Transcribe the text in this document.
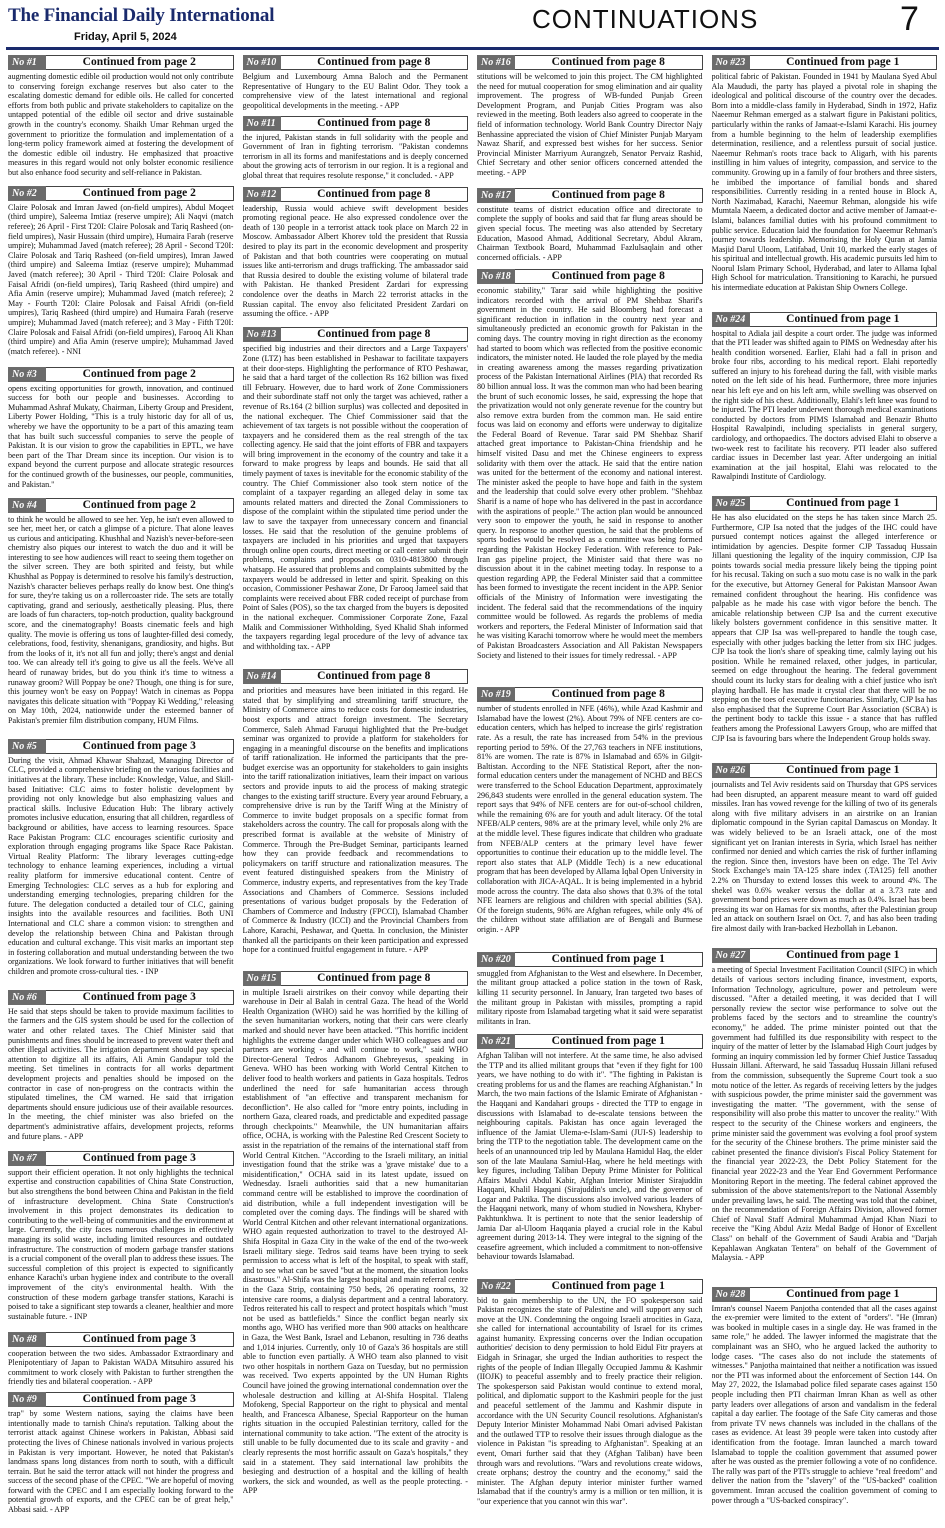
The Financial Daily International
Friday, April 5, 2024
CONTINUATIONS	7
No #1	Continued from page 2

augmenting domestic edible oil production would not only contribute to conserving foreign exchange reserves but also cater to the escalating domestic demand for edible oils. He called for concerted efforts from both public and private stakeholders to capitalize on the untapped potential of the edible oil sector and drive sustainable growth in the country's economy. Shaikh Umar Rehman urged the government to prioritize the formulation and implementation of a long-term policy framework aimed at fostering the development of the domestic edible oil industry. He emphasized that proactive measures in this regard would not only bolster economic resilience but also enhance food security and self-reliance in Pakistan.

No #2	Continued from page 2

Claire Polosak and Imran Jawed (on-field umpires), Abdul Moqeet (third umpire), Saleema Imtiaz (reserve umpire); Ali Naqvi (match referee); 26 April - First T20I: Claire Polosak and Tariq Rasheed (on-field umpires), Nasir Hussain (third umpire), Humaira Farah (reserve umpire); Muhammad Javed (match referee); 28 April - Second T20I: Claire Polosak and Tariq Rasheed (on-field umpires), Imran Jawed (third umpire) and Saleema Imtiaz (reserve umpire); Muhammad Javed (match referee); 30 April - Third T20I: Claire Polosak and Faisal Afridi (on-field umpires), Tariq Rasheed (third umpire) and Afia Amin (reserve umpire); Muhammad Javed (match referee); 2 May - Fourth T20I: Claire Polosak and Faisal Afridi (on-field umpires), Tariq Rasheed (third umpire) and Humaira Farah (reserve umpire); Muhammad Javed (match referee); and 3 May - Fifth T20I: Claire Polosak and Faisal Afridi (on-field umpires), Farooq Ali Khan (third umpire) and Afia Amin (reserve umpire); Muhammad Javed (match referee). - NNI

No #3	Continued from page 2

opens exciting opportunities for growth, innovation, and continued success for both our people and businesses. According to Muhammad Ashraf Mukaty, Chairman, Liberty Group and President, Liberty Power Holding, "This is a truly historic day for all of us, whereby we have the opportunity to be a part of this amazing team that has built such successful companies to serve the people of Pakistan. It is our vision to grow the capabilities in EPTL, we have been part of the Thar Dream since its inception. Our vision is to expand beyond the current purpose and allocate strategic resources for the continued growth of the businesses, our people, communities, and Pakistan."

No #4	Continued from page 2

to think he would be allowed to see her. Yep, he isn't even allowed to see her, meet her, or catch a glimpse of a picture. That alone leaves us curious and anticipating. Khushhal and Nazish's never-before-seen chemistry also piques our interest to watch the duo and it will be interesting to see how audiences will react to seeing them together on the silver screen. They are both spirited and feisty, but while Khushhal as Poppay is determined to resolve his family's destruction, Nazish's character believes perhaps really do know best. One thing's for sure, they're taking us on a rollercoaster ride. The sets are totally captivating, grand and seriously, aesthetically pleasing. Plus, there are loads of fun characters, top-notch production, quality background score, and the cinematography! Boasts cinematic feels and high quality. The movie is offering us tons of laughter-filled desi comedy, celebrations, food, festivity, shenanigans, grandiosity, and highs. But from the looks of it, it's not all fun and jolly; there's angst and denial too. We can already tell it's going to give us all the feels. We've all heard of runaway brides, but do you think it's time to witness a runaway groom? Will Poppay be one? Though, one thing is for sure, this journey won't be easy on Poppay! Watch in cinemas as Poppa navigates this delicate situation with "Poppay Ki Wedding," releasing on May 10th, 2024, nationwide under the esteemed banner of Pakistan's premier film distribution company, HUM Films.

No #5	Continued from page 3

During the visit, Ahmad Khawar Shahzad, Managing Director of CLC, provided a comprehensive briefing on the various facilities and initiatives at the library. These include: Knowledge, Value, and Skill-based Initiative: CLC aims to foster holistic development by providing not only knowledge but also emphasizing values and practical skills. Inclusive Education Hub: The library actively promotes inclusive education, ensuring that all children, regardless of background or abilities, have access to learning resources. Space Race Pakistan Program: CLC encourages scientific curiosity and exploration through engaging programs like Space Race Pakistan. Virtual Reality Platform: The library leverages cutting-edge technology to enhance learning experiences, including a virtual reality platform for immersive educational content. Centre of Emerging Technologies: CLC serves as a hub for exploring and understanding emerging technologies, preparing children for the future. The delegation conducted a detailed tour of CLC, gaining insights into the available resources and facilities. Both UNI International and CLC share a common vision: to strengthen and develop the relationship between China and Pakistan through education and cultural exchange. This visit marks an important step in fostering collaboration and mutual understanding between the two organizations. We look forward to further initiatives that will benefit children and promote cross-cultural ties. - INP

No #6	Continued from page 3

He said that steps should be taken to provide maximum facilities to the farmers and the GIS system should be used for the collection of water and other related taxes. The Chief Minister said that punishments and fines should be increased to prevent water theft and other illegal activities. The irrigation department should pay special attention to digitize all its affairs, Ali Amin Gandapur told the meeting. Set timelines in contracts for all works department development projects and penalties should be imposed on the contractor in case of non-progress on the contracts within the stipulated timelines, the CM warned. He said that irrigation departments should ensure judicious use of their available resources. In the meeting, the chief minister was also briefed on the department's administrative affairs, development projects, reforms and future plans. - APP

No #7	Continued from page 3

support their efficient operation. It not only highlights the technical expertise and construction capabilities of China State Construction, but also strengthens the bond between China and Pakistan in the field of infrastructure development. China State Construction's involvement in this project demonstrates its dedication to contributing to the well-being of communities and the environment at large. Currently, the city faces numerous challenges in effectively managing its solid waste, including limited resources and outdated infrastructure. The construction of modern garbage transfer stations is a crucial component of the overall plan to address these issues. The successful completion of this project is expected to significantly enhance Karachi's urban hygiene index and contribute to the overall improvement of the city's environmental health. With the construction of these modern garbage transfer stations, Karachi is poised to take a significant step towards a cleaner, healthier and more sustainable future. - INP

No #8	Continued from page 3

cooperation between the two sides. Ambassador Extraordinary and Plenipotentiary of Japan to Pakistan WADA Mitsuhiro assured his commitment to work closely with Pakistan to further strengthen the friendly ties and bilateral cooperation. - APP

No #9	Continued from page 3

trap" by some Western nations, saying the claims have been intentionally made to tarnish China's reputation. Talking about the terrorist attack against Chinese workers in Pakistan, Abbasi said protecting the lives of Chinese nationals involved in various projects in Pakistan is very important. However, he noted that Pakistan's landmass spans long distances from north to south, with a difficult terrain. But he said the terror attack will not hinder the progress and success of the second phase of the CPEC. "We are hopeful of moving forward with the CPEC and I am especially looking forward to the potential growth of exports, and the CPEC can be of great help," Abbasi said. - APP

No #10	Continued from page 8

Belgium and Luxembourg Amna Baloch and the Permanent Representative of Hungary to the EU Balint Odor. They took a comprehensive view of the latest international and regional geopolitical developments in the meeting. - APP

No #11	Continued from page 8

the injured, Pakistan stands in full solidarity with the people and Government of Iran in fighting terrorism. "Pakistan condemns terrorism in all its forms and manifestations and is deeply concerned about the growing acts of terrorism in our region. It is a regional and global threat that requires resolute response," it concluded. - APP

No #12	Continued from page 8

leadership, Russia would achieve swift development besides promoting regional peace. He also expressed condolence over the death of 130 people in a terrorist attack took place on March 22 in Moscow. Ambassador Albert Khorev told the president that Russia desired to play its part in the economic development and prosperity of Pakistan and that both countries were cooperating on mutual issues like anti-terrorism and drugs trafficking. The ambassador said that Russia desired to double the existing volume of bilateral trade with Pakistan. He thanked President Zardari for expressing condolence over the deaths in March 22 terrorist attacks in the Russian capital. The envoy also felicitated President Zardari on assuming the office. - APP

No #13	Continued from page 8

specified big industries and their directors and a Large Taxpayers' Zone (LTZ) has been established in Peshawar to facilitate taxpayers at their door-steps. Highlighting the performance of RTO Peshawar, he said that a hard target of the collection Rs 162 billion was fixed till February. However, due to hard work of Zone Commissioners and their subordinate staff not only the target was achieved, rather a revenue of Rs.164 (2 billion surplus) was collected and deposited in the national exchequer. The Chief Commissioner said that the achievement of tax targets is not possible without the cooperation of taxpayers and he considered them as the real strength of the tax collecting agency. He said that the joint efforts of FBR and taxpayers will bring improvement in the economy of the country and take it a forward to make progress by leaps and bounds. He said that all timely payment of taxes is inevitable for the economic stability of the country. The Chief Commissioner also took stern notice of the complaint of a taxpayer regarding an alleged delay in some tax amounts related matters and directed the Zonal Commissioners to dispose of the complaint within the stipulated time period under the law to save the taxpayer from unnecessary concern and financial losses. He said that the resolution of the genuine problems of taxpayers are included in his priorities and urged that taxpayers through online open courts, direct meeting or call center submit their problems, complaints and proposals on 0310-4813800 through whatsapp. He assured that problems and complaints submitted by the taxpayers would be addressed in letter and spirit. Speaking on this occasion, Commissioner Peshawar Zone, Dr Farooq Jameel said that complaints were received about FBR coded receipt of purchase from Point of Sales (POS), so the tax charged from the buyers is deposited in the national exchequer. Commissioner Corporate Zone, Fazal Malik and Commissioner Withholding, Syed Khalid Shah informed the taxpayers regarding legal procedure of the levy of advance tax and withholding tax. - APP

No #14	Continued from page 8

and priorities and measures have been initiated in this regard. He stated that by simplifying and streamlining tariff structure, the Ministry of Commerce aims to reduce costs for domestic industries, boost exports and attract foreign investment. The Secretary Commerce, Saleh Ahmad Faruqui highlighted that the Pre-budget seminar was organized to provide a platform for stakeholders for engaging in a meaningful discourse on the benefits and implications of tariff rationalization. He informed the participants that the pre-budget exercise was an opportunity for stakeholders to gain insights into the tariff rationalization initiatives, learn their impact on various sectors and provide inputs to aid the process of making strategic changes to the existing tariff structure. Every year around February, a comprehensive drive is run by the Tariff Wing at the Ministry of Commerce to invite budget proposals on a specific format from stakeholders across the country. The call for proposals along with the prescribed format is available at the website of Ministry of Commerce. Through the Pre-Budget Seminar, participants learned how they can provide feedback and recommendations to policymakers on tariff structure and rationalization measures. The event featured distinguished speakers from the Ministry of Commerce, industry experts, and representatives from the key Trade Associations and Chambers of Commerce. Sessions included presentations of various budget proposals by the Federation of Chambers of Commerce and Industry (FPCCI), Islamabad Chamber of Commerce & Industry (ICCI) and the Provincial Chambers from Lahore, Karachi, Peshawar, and Quetta. In conclusion, the Minister thanked all the participants on their keen participation and expressed hope for a continued fruitful engagement in future. - APP

No #15	Continued from page 8

in multiple Israeli airstrikes on their convoy while departing their warehouse in Deir al Balah in central Gaza. The head of the World Health Organization (WHO) said he was horrified by the killing of the seven humanitarian workers, noting that their cars were clearly marked and should never have been attacked. "This horrific incident highlights the extreme danger under which WHO colleagues and our partners are working - and will continue to work," said WHO Director-General Tedros Adhanom Ghebreyesus, speaking in Geneva. WHO has been working with World Central Kitchen to deliver food to health workers and patients in Gaza hospitals. Tedros underlined the need for safe humanitarian access through establishment of "an effective and transparent mechanism for deconfliction". He also called for "more entry points, including in northern Gaza, cleared roads, and predictable and expedited passage through checkpoints." Meanwhile, the UN humanitarian affairs office, OCHA, is working with the Palestine Red Crescent Society to assist in the repatriation of the remains of the international staff from World Central Kitchen. "According to the Israeli military, an initial investigation found that the strike was a 'grave mistake' due to a misidentification," OCHA said in its latest update, issued on Wednesday. Israeli authorities said that a new humanitarian command centre will be established to improve the coordination of aid distribution, while a full independent investigation will be completed over the coming days. The findings will be shared with World Central Kitchen and other relevant international organizations. WHO again requested authorization to travel to the destroyed Al-Shifa Hospital in Gaza City in the wake of the end of the two-week Israeli military siege. Tedros said teams have been trying to seek permission to access what is left of the hospital, to speak with staff, and to see what can be saved "but at the moment, the situation looks disastrous." Al-Shifa was the largest hospital and main referral centre in the Gaza Strip, containing 750 beds, 26 operating rooms, 32 intensive care rooms, a dialysis department and a central laboratory. Tedros reiterated his call to respect and protect hospitals which "must not be used as battlefields." Since the conflict began nearly six months ago, WHO has verified more than 900 attacks on healthcare in Gaza, the West Bank, Israel and Lebanon, resulting in 736 deaths and 1,014 injuries. Currently, only 10 of Gaza's 36 hospitals are still able to function even partially. A WHO team also planned to visit two other hospitals in northern Gaza on Tuesday, but no permission was received. Two experts appointed by the UN Human Rights Council have joined the growing international condemnation over the wholesale destruction and killing at Al-Shifa Hospital. Tlaleng Mofokeng, Special Rapporteur on the right to physical and mental health, and Francesca Albanese, Special Rapporteur on the human rights situation in the occupied Palestinian territory, called for the international community to take action. "The extent of the atrocity is still unable to be fully documented due to its scale and gravity - and clearly represents the most horrific assault on Gaza's hospitals," they said in a statement. They said international law prohibits the besieging and destruction of a hospital and the killing of health workers, the sick and wounded, as well as the people protecting. - APP

No #16	Continued from page 8

stitutions will be welcomed to join this project. The CM highlighted the need for mutual cooperation for smog elimination and air quality improvement. The progress of WB-funded Punjab Green Development Program, and Punjab Cities Program was also reviewed in the meeting. Both leaders also agreed to cooperate in the field of information technology. World Bank Country Director Najy Benhassine appreciated the vision of Chief Minister Punjab Maryam Nawaz Sharif, and expressed best wishes for her success. Senior Provincial Minister Marriyum Aurangzeb, Senator Pervaiz Rashid, Chief Secretary and other senior officers concerned attended the meeting. - APP

No #17	Continued from page 8

constitute teams of district education office and directorate to complete the supply of books and said that far flung areas should be given special focus. The meeting was also attended by Secretary Education, Masood Ahmad, Additional Secretary, Abdul Akram, Chairman Textbook Board, Muhammad Fazlulsaqlain and other concerned officials. - APP

No #18	Continued from page 8

economic stability," Tarar said while highlighting the positive indicators recorded with the arrival of PM Shehbaz Sharif's government in the country. He said Bloomberg had forecast a significant reduction in inflation in the country next year and simultaneously predicted an economic growth for Pakistan in the coming days. The country moving in right direction as the economy had started to boom which was reflected from the positive economic indicators, the minister noted. He lauded the role played by the media in creating awareness among the masses regarding privatization process of the Pakistan International Airlines (PIA) that recorded Rs 80 billion annual loss. It was the common man who had been bearing the brunt of such economic losses, he said, expressing the hope that the privatization would not only generate revenue for the country but also remove extra burden from the common man. He said entire focus was laid on economy and efforts were underway to digitalize the Federal Board of Revenue. Tarar said PM Shehbaz Sharif attached great importance to Pakistan-China friendship and he himself visited Dasu and met the Chinese engineers to express solidarity with them over the attack. He said that the entire nation was united for the betterment of the economy and national interest. The minister asked the people to have hope and faith in the system and the leadership that could solve every other problem. "Shehbaz Sharif is a name of hope who has delivered in the past in accordance with the aspirations of people." The action plan would be announced very soon to empower the youth, he said in response to another query. In response to another question, he said that the problems of sports bodies would be resolved as a committee was being formed regarding the Pakistan Hockey Federation. With reference to Pak-Iran gas pipeline project, the Minister said that there was no discussion about it in the cabinet meeting today. In response to a question regarding APP, the Federal Minister said that a committee has been formed to investigate the recent incident in the APP. Senior officials of the Ministry of Information were investigating the incident. The federal said that the recommendations of the inquiry committee would be followed. As regards the problems of media workers and reporters, the Federal Minister of Information said that he was visiting Karachi tomorrow where he would meet the members of Pakistan Broadcasters Association and All Pakistan Newspapers Society and listened to their issues for timely redressal. - APP

No #19	Continued from page 8

number of students enrolled in NFE (46%), while Azad Kashmir and Islamabad have the lowest (2%). About 79% of NFE centers are co-education centers, which has helped to increase the girls' registration rate. As a result, the rate has increased from 54% in the previous reporting period to 59%. Of the 27,763 teachers in NFE institutions, 81% are women. The rate is 87% in Islamabad and 65% in Gilgit-Baltistan. According to the NFE Statistical Report, after the non-formal education centers under the management of NCHD and BECS were transferred to the School Education Department, approximately 296,843 students were enrolled in the general education system. The report says that 94% of NFE centers are for out-of-school children, while the remaining 6% are for youth and adult literacy. Of the total NFEB/ALP centers, 98% are at the primary level, while only 2% are at the middle level. These figures indicate that children who graduate from NFEB/ALP centers at the primary level have fewer opportunities to continue their education up to the middle level. The report also states that ALP (Middle Tech) is a new educational program that has been developed by Allama Iqbal Open University in collaboration with JICA-AQAL. It is being implemented in a hybrid mode across the country. The data also shows that 0.3% of the total NFE learners are religious and children with special abilities (SA). Of the foreign students, 96% are Afghan refugees, while only 4% of the children without state affiliation are of Bengali and Burmese origin. - APP

No #20	Continued from page 1

smuggled from Afghanistan to the West and elsewhere. In December, the militant group attacked a police station in the town of Rask, killing 11 security personnel. In January, Iran targeted two bases of the militant group in Pakistan with missiles, prompting a rapid military riposte from Islamabad targeting what it said were separatist militants in Iran.

No #21	Continued from page 1

Afghan Taliban will not interfere. At the same time, he also advised the TTP and its allied militant groups that "even if they fight for 100 years, we have nothing to do with it". "The fighting in Pakistan is creating problems for us and the flames are reaching Afghanistan." In March, the two main factions of the Islamic Emirate of Afghanistan - the Haqqani and Kandahari groups - directed the TTP to engage in discussions with Islamabad to de-escalate tensions between the neighbouring capitals. Pakistan has once again leveraged the influence of the Jamiat Ulema-e-Islam-Sami (JUI-S) leadership to bring the TTP to the negotiation table. The development came on the heels of an unannounced trip led by Maulana Hamidul Haq, the elder son of the late Maulana Samiul-Haq, where he held meetings with key figures, including Taliban Deputy Prime Minister for Political Affairs Maulvi Abdul Kabir, Afghan Interior Minister Sirajuddin Haqqani, Khalil Haqqani (Sirajuddin's uncle), and the governor of Logar and Paktika. The discussions also involved various leaders of the Haqqani network, many of whom studied in Nowshera, Khyber-Pakhtunkhwa. It is pertinent to note that the senior leadership of Jamia Dar al-Uloom Haqqania played a crucial role in the Kabul agreement during 2013-14. They were integral to the signing of the ceasefire agreement, which included a commitment to non-offensive behaviour towards Islamabad.

No #22	Continued from page 1

bid to gain membership to the UN, the FO spokesperson said Pakistan recognizes the state of Palestine and will support any such move at the UN. Condemning the ongoing Israeli atrocities in Gaza, she called for international accountability of Israel for its crimes against humanity. Expressing concerns over the Indian occupation authorities' decision to deny permission to hold Eidul Fitr prayers at Eidgah in Srinagar, she urged the Indian authorities to respect the rights of the people of Indian Illegally Occupied Jammu & Kashmir (IIOJK) to peaceful assembly and to freely practice their religion. The spokesperson said Pakistan would continue to extend moral, political, and diplomatic support to the Kashmiri people for the just and peaceful settlement of the Jammu and Kashmir dispute in accordance with the UN Security Council resolutions. Afghanistan's Deputy Interior Minister Mohammad Nabi Omari advised Pakistan and the outlawed TTP to resolve their issues through dialogue as the violence in Pakistan "is spreading to Afghanistan". Speaking at an event, Omari further said that they (Afghan Taliban) have been through wars and revolutions. "Wars and revolutions create widows, create orphans; destroy the country and the economy," said the minister. The Afghan deputy interior minister further warned Islamabad that if the country's army is a million or ten million, it is "our experience that you cannot win this war".

No #23	Continued from page 1

political fabric of Pakistan. Founded in 1941 by Maulana Syed Abul Ala Maududi, the party has played a pivotal role in shaping the ideological and political discourse of the country over the decades. Born into a middle-class family in Hyderabad, Sindh in 1972, Hafiz Naeemur Rehman emerged as a stalwart figure in Pakistani politics, particularly within the ranks of Jamaat-e-Islami Karachi. His journey from a humble beginning to the helm of leadership exemplifies determination, resilience, and a relentless pursuit of social justice. Naeemur Rehman's roots trace back to Aligarh, with his parents instilling in him values of integrity, compassion, and service to the community. Growing up in a family of four brothers and three sisters, he imbibed the importance of familial bonds and shared responsibilities. Currently residing in a rented house in Block A, North Nazimabad, Karachi, Naeemur Rehman, alongside his wife Mumtala Naeem, a dedicated doctor and active member of Jamaat-e-Islami, balances familial duties with his profound commitment to public service. Education laid the foundation for Naeemur Rehman's journey towards leadership. Memorising the Holy Quran at Jamia Masjid Darul Uloom, Latifabad, Unit 10, marked the early stages of his spiritual and intellectual growth. His academic pursuits led him to Noorul Islam Primary School, Hyderabad, and later to Allama Iqbal High School for matriculation. Transitioning to Karachi, he pursued his intermediate education at Pakistan Ship Owners College.

No #24	Continued from page 1

hospital to Adiala jail despite a court order. The judge was informed that the PTI leader was shifted again to PIMS on Wednesday after his health condition worsened. Earlier, Elahi had a fall in prison and broke four ribs, according to his medical report. Elahi reportedly suffered an injury to his forehead during the fall, with visible marks noted on the left side of his head. Furthermore, three more injuries near his left eye and on his left arm, while swelling was observed on the right side of his chest. Additionally, Elahi's left knee was found to be injured. The PTI leader underwent thorough medical examinations conducted by doctors from PIMS Islamabad and Benazir Bhutto Hospital Rawalpindi, including specialists in general surgery, cardiology, and orthopaedics. The doctors advised Elahi to observe a two-week rest to facilitate his recovery. PTI leader also suffered cardiac issues in December last year. After undergoing an initial examination at the jail hospital, Elahi was relocated to the Rawalpindi Institute of Cardiology.

No #25	Continued from page 1

He has also elucidated on the steps he has taken since March 25. Furthermore, CJP Isa noted that the judges of the IHC could have pursued contempt notices against the alleged interference or intimidation by agencies. Despite former CJP Tassaduq Hussain Jillani questioning the legality of the inquiry commission, CJP Isa points towards social media pressure likely being the tipping point for his recusal. Taking on such a suo motu case is no walk in the park for the executive, but Attorney General for Pakistan Mansoor Awan remained confident throughout the hearing. His confidence was palpable as he made his case with vigor before the bench. The amicable relationship between CJP Isa and the current executive likely bolsters government confidence in this sensitive matter. It appears that CJP Isa was well-prepared to handle the tough case, especially with other judges backing the letter from six IHC judges. CJP Isa took the lion's share of speaking time, calmly laying out his position. While he remained relaxed, other judges, in particular, seemed on edge throughout the hearing. The federal government should count its lucky stars for dealing with a chief justice who isn't playing hardball. He has made it crystal clear that there will be no stepping on the toes of executive functionaries. Similarly, CJP Isa has also emphasised that the Supreme Court Bar Association (SCBA) is the pertinent body to tackle this issue - a stance that has ruffled feathers among the Professional Lawyers Group, who are miffed that CJP Isa is favouring bars where the Independent Group holds sway.

No #26	Continued from page 1

journalists and Tel Aviv residents said on Thursday that GPS services had been disrupted, an apparent measure meant to ward off guided missiles. Iran has vowed revenge for the killing of two of its generals along with five military advisers in an airstrike on an Iranian diplomatic compound in the Syrian capital Damascus on Monday. It was widely believed to be an Israeli attack, one of the most significant yet on Iranian interests in Syria, which Israel has neither confirmed nor denied and which carries the risk of further inflaming the region. Since then, investors have been on edge. The Tel Aviv Stock Exchange's main TA-125 share index (.TA125) fell another 2.2% on Thursday to extend losses this week to around 4%. The shekel was 0.6% weaker versus the dollar at a 3.73 rate and government bond prices were down as much as 0.4%. Israel has been pressing its war on Hamas for six months, after the Palestinian group led an attack on southern Israel on Oct. 7, and has also been trading fire almost daily with Iran-backed Hezbollah in Lebanon.

No #27	Continued from page 1

a meeting of Special Investment Facilitation Council (SIFC) in which details of various sectors including finance, investment, exports, Information Technology, agriculture, power and petroleum were discussed. "After a detailed meeting, it was decided that I will personally review the sector wise performance to solve out the problems faced by the sectors and to streamline the country's economy," he added. The prime minister pointed out that the government had fulfilled its due responsibility with respect to the inquiry of the matter of letter by the Islamabad High Court judges by forming an inquiry commission led by former Chief Justice Tassaduq Hussain Jillani. Afterward, he said Tassaduq Hussain Jillani refused from the commission, subsequently the Supreme Court took a suo motu notice of the letter. As regards of receiving letters by the judges with suspicious powder, the prime minister said the government was investigating the matter. "The government, with the sense of responsibility will also probe this matter to uncover the reality." With respect to the security of the Chinese workers and engineers, the prime minister said the government was evolving a fool proof system for the security of the Chinese brothers. The prime minister said the cabinet presented the finance division's Fiscal Policy Statement for the financial year 2022-23, the Debt Policy Statement for the financial year 2022-23 and the Year End Government Performance Monitoring Report in the meeting. The federal cabinet approved the submission of the above statements/report to the National Assembly under prevailing laws, he said. The meeting was told that the cabinet, on the recommendation of Foreign Affairs Division, allowed former Chief of Naval Staff Admiral Muhammad Amjad Khan Niazi to receive the "King Abdul Aziz Medal Badge of Honor of Excellent Class" on behalf of the Government of Saudi Arabia and "Darjah Kepahlawan Angkatan Tentera" on behalf of the Government of Malaysia. - APP

No #28	Continued from page 1

Imran's counsel Naeem Panjotha contended that all the cases against the ex-premier were limited to the extent of "orders". "He (Imran) was booked in multiple cases in a single day. He was framed in the same role," he added. The lawyer informed the magistrate that the complainant was an SHO, who he argued lacked the authority to lodge cases. "The cases also do not include the statements of witnesses." Panjotha maintained that neither a notification was issued nor the PTI was informed about the enforcement of Section 144. On May 27, 2022, the Islamabad police filed separate cases against 150 people including then PTI chairman Imran Khan as well as other party leaders over allegations of arson and vandalism in the federal capital a day earlier. The footage of the Safe City cameras and those from private TV news channels was included in the challans of the cases as evidence. At least 39 people were taken into custody after identification from the footage. Imran launched a march toward Islamabad to topple the coalition government that assumed power after he was ousted as the premier following a vote of no confidence. The rally was part of the PTI's struggle to achieve "real freedom" and deliver the nation from the "slavery" of the "US-backed" coalition government. Imran accused the coalition government of coming to power through a "US-backed conspiracy".
